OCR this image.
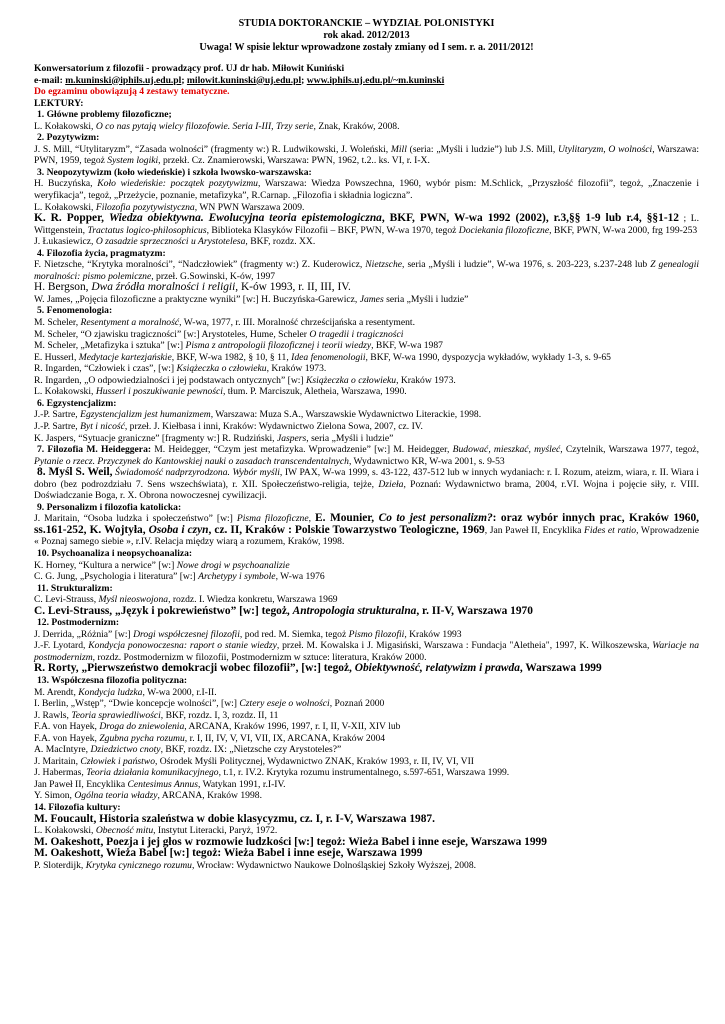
STUDIA DOKTORANCKIE – WYDZIAŁ POLONISTYKI
rok akad. 2012/2013
Uwaga! W spisie lektur wprowadzone zostały zmiany od I sem. r. a. 2011/2012!
Konwersatorium z filozofii - prowadzący prof. UJ dr hab. Miłowit Kuniński
e-mail: m.kuninski@iphils.uj.edu.pl; milowit.kuninski@uj.edu.pl; www.iphils.uj.edu.pl/~m.kuninski
Do egzaminu obowiązują 4 zestawy tematyczne.
LEKTURY:
1. Główne problemy filozoficzne;
L. Kołakowski, O co nas pytają wielcy filozofowie. Seria I-III, Trzy serie, Znak, Kraków, 2008.
2. Pozytywizm:
J. S. Mill, “Utylitaryzm”, “Zasada wolności” (fragmenty w:) R. Ludwikowski, J. Woleński, Mill (seria: „Myśli i ludzie”) lub J.S. Mill, Utylitaryzm, O wolności, Warszawa: PWN, 1959, tegoż System logiki, przekł. Cz. Znamierowski, Warszawa: PWN, 1962, t.2.. ks. VI, r. I-X.
3. Neopozytywizm (koło wiedeńskie) i szkoła lwowsko-warszawska:
H. Buczyńska, Koło wiedeńskie: początek pozytywizmu, Warszawa: Wiedza Powszechna, 1960, wybór pism: M.Schlick, „Przyszłość filozofii”, tegoż, „Znaczenie i weryfikacja”, tegoż, „Przeżycie, poznanie, metafizyka”, R.Carnap. „Filozofia i składnia logiczna”.
L. Kołakowski, Filozofia pozytywistyczna, WN PWN Warszawa 2009.
K. R. Popper, Wiedza obiektywna. Ewolucyjna teoria epistemologiczna, BKF, PWN, W-wa 1992 (2002), r.3,§§ 1-9 lub r.4, §§1-12 ; L. Wittgenstein, Tractatus logico-philosophicus, Biblioteka Klasyków Filozofii – BKF, PWN, W-wa 1970, tegoż Dociekania filozoficzne, BKF, PWN, W-wa 2000, frg 199-253
J. Łukasiewicz, O zasadzie sprzeczności u Arystotelesa, BKF, rozdz. XX.
4. Filozofia życia, pragmatyzm:
F. Nietzsche, “Krytyka moralności”, “Nadczłowiek” (fragmenty w:) Z. Kuderowicz, Nietzsche, seria „Myśli i ludzie”, W-wa 1976, s. 203-223, s.237-248 lub Z genealogii moralności: pismo polemiczne, przeł. G.Sowinski, K-ów, 1997
H. Bergson, Dwa źródła moralności i religii, K-ów 1993, r. II, III, IV.
W. James, „Pojęcia filozoficzne a praktyczne wyniki” [w:] H. Buczyńska-Garewicz, James seria „Myśli i ludzie”
5. Fenomenologia:
M. Scheler, Resentyment a moralność, W-wa, 1977, r. III. Moralność chrześcijańska a resentyment.
M. Scheler, “O zjawisku tragiczności” [w:] Arystoteles, Hume, Scheler O tragedii i tragiczności
M. Scheler, „Metafizyka i sztuka” [w:] Pisma z antropologii filozoficznej i teorii wiedzy, BKF, W-wa 1987
E. Husserl, Medytacje kartezjańskie, BKF, W-wa 1982, § 10, § 11, Idea fenomenologii, BKF, W-wa 1990, dyspozycja wykładów, wykłady 1-3, s. 9-65
R. Ingarden, “Człowiek i czas”, [w:] Książeczka o człowieku, Kraków 1973.
R. Ingarden, „O odpowiedzialności i jej podstawach ontycznych” [w:] Książeczka o człowieku, Kraków 1973.
L. Kołakowski, Husserl i poszukiwanie pewności, tłum. P. Marciszuk, Aletheia, Warszawa, 1990.
6. Egzystencjalizm:
J.-P. Sartre, Egzystencjalizm jest humanizmem, Warszawa: Muza S.A., Warszawskie Wydawnictwo Literackie, 1998.
J.-P. Sartre, Byt i nicość, przeł. J. Kiełbasa i inni, Kraków: Wydawnictwo Zielona Sowa, 2007, cz. IV.
K. Jaspers, “Sytuacje graniczne” [fragmenty w:] R. Rudziński, Jaspers, seria „Myśli i ludzie”
7. Filozofia M. Heideggera: M. Heidegger, “Czym jest metafizyka. Wprowadzenie” [w:] M. Heidegger, Budować, mieszkać, myśleć, Czytelnik, Warszawa 1977, tegoż, Pytanie o rzecz. Przyczynek do Kantowskiej nauki o zasadach transcendentalnych, Wydawnictwo KR, W-wa 2001, s. 9-53
8. Myśl S. Weil, Świadomość nadprzyrodzona. Wybór myśli, IW PAX, W-wa 1999, s. 43-122, 437-512 lub w innych wydaniach: r. I. Rozum, ateizm, wiara, r. II. Wiara i dobro (bez podrozdziału 7. Sens wszechświata), r. XII. Społeczeństwo-religia, tejże, Dzieła, Poznań: Wydawnictwo brama, 2004, r.VI. Wojna i pojęcie siły, r. VIII. Doświadczanie Boga, r. X. Obrona nowoczesnej cywilizacji.
9. Personalizm i filozofia katolicka:
J. Maritain, “Osoba ludzka i społeczeństwo” [w:] Pisma filozoficzne, E. Mounier, Co to jest personalizm?: oraz wybór innych prac, Kraków 1960, ss.161-252, K. Wojtyła, Osoba i czyn, cz. II, Kraków : Polskie Towarzystwo Teologiczne, 1969, Jan Paweł II, Encyklika Fides et ratio, Wprowadzenie « Poznaj samego siebie », r.IV. Relacja między wiarą a rozumem, Kraków, 1998.
10. Psychoanaliza i neopsychoanaliza:
K. Horney, “Kultura a nerwice” [w:] Nowe drogi w psychoanalizie
C. G. Jung, „Psychologia i literatura” [w:] Archetypy i symbole, W-wa 1976
11. Strukturalizm:
C. Levi-Strauss, Myśl nieoswojona, rozdz. I. Wiedza konkretu, Warszawa 1969
C. Levi-Strauss, „Język i pokrewieństwo” [w:] tegoż, Antropologia strukturalna, r. II-V, Warszawa 1970
12. Postmodernizm:
J. Derrida, „Różnia” [w:] Drogi współczesnej filozofii, pod red. M. Siemka, tegoż Pismo filozofii, Kraków 1993
J.-F. Lyotard, Kondycja ponowoczesna: raport o stanie wiedzy, przeł. M. Kowalska i J. Migasiński, Warszawa : Fundacja "Aletheia", 1997, K. Wilkoszewska, Wariacje na postmodernizm, rozdz. Postmodernizm w filozofii, Postmodernizm w sztuce: literatura, Kraków 2000.
R. Rorty, „Pierwszeństwo demokracji wobec filozofii”, [w:] tegoż, Obiektywność, relatywizm i prawda, Warszawa 1999
13. Współczesna filozofia polityczna:
M. Arendt, Kondycja ludzka, W-wa 2000, r.I-II.
I. Berlin, „Wstęp”, “Dwie koncepcje wolności”, [w:] Cztery eseje o wolności, Poznań 2000
J. Rawls, Teoria sprawiedliwości, BKF, rozdz. I, 3, rozdz. II, 11
F.A. von Hayek, Droga do zniewolenia, ARCANA, Kraków 1996, 1997, r. I, II, V-XII, XIV lub
F.A. von Hayek, Zgubna pycha rozumu, r. I, II, IV, V, VI, VII, IX, ARCANA, Kraków 2004
A. MacIntyre, Dziedzictwo cnoty, BKF, rozdz. IX: „Nietzsche czy Arystoteles?”
J. Maritain, Człowiek i państwo, Ośrodek Myśli Politycznej, Wydawnictwo ZNAK, Kraków 1993, r. II, IV, VI, VII
J. Habermas, Teoria działania komunikacyjnego, t.1, r. IV.2. Krytyka rozumu instrumentalnego, s.597-651, Warszawa 1999.
Jan Paweł II, Encyklika Centesimus Annus, Watykan 1991, r.I-IV.
Y. Simon, Ogólna teoria władzy, ARCANA, Kraków 1998.
14. Filozofia kultury:
M. Foucault, Historia szaleństwa w dobie klasycyzmu, cz. I, r. I-V, Warszawa 1987.
L. Kołakowski, Obecność mitu, Instytut Literacki, Paryż, 1972.
M. Oakeshott, Poezja i jej głos w rozmowie ludzkości [w:] tegoż: Wieża Babel i inne eseje, Warszawa 1999
M. Oakeshott, Wieża Babel [w:] tegoż: Wieża Babel i inne eseje, Warszawa 1999
P. Sloterdijk, Krytyka cynicznego rozumu, Wrocław: Wydawnictwo Naukowe Dolnośląskiej Szkoły Wyższej, 2008.
